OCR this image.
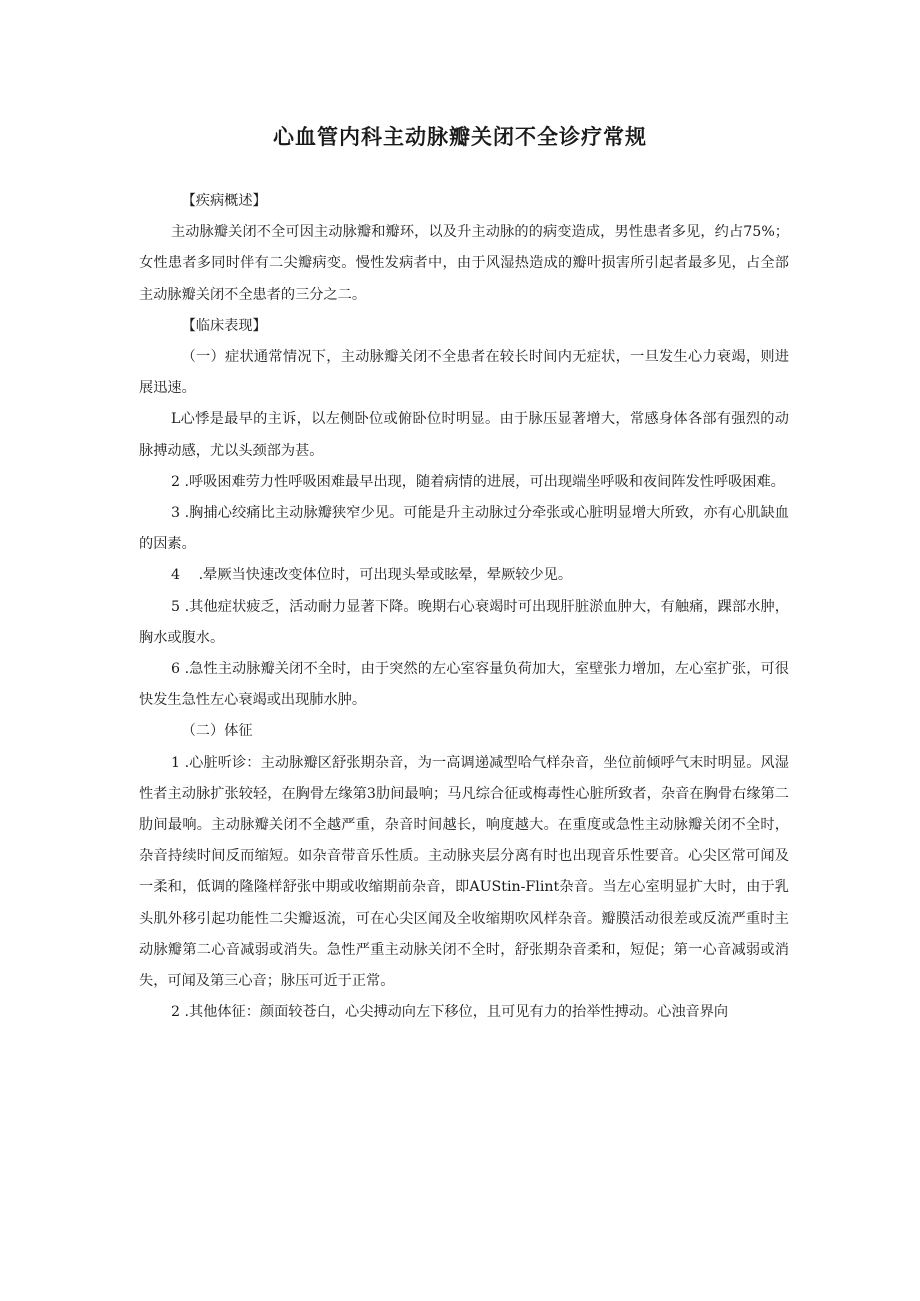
心血管内科主动脉瓣关闭不全诊疗常规

【疾病概述】

主动脉瓣关闭不全可因主动脉瓣和瓣环，以及升主动脉的的病变造成，男性患者多见，约占75%；女性患者多同时伴有二尖瓣病变。慢性发病者中，由于风湿热造成的瓣叶损害所引起者最多见，占全部主动脉瓣关闭不全患者的三分之二。

【临床表现】

（一）症状通常情况下，主动脉瓣关闭不全患者在较长时间内无症状，一旦发生心力衰竭，则进展迅速。

L心悸是最早的主诉，以左侧卧位或俯卧位时明显。由于脉压显著增大，常感身体各部有强烈的动脉搏动感，尤以头颈部为甚。

2 .呼吸困难劳力性呼吸困难最早出现，随着病情的进展，可出现端坐呼吸和夜间阵发性呼吸困难。

3 .胸捕心绞痛比主动脉瓣狭窄少见。可能是升主动脉过分牵张或心脏明显增大所致，亦有心肌缺血的因素。

4　 .晕厥当快速改变体位时，可出现头晕或眩晕，晕厥较少见。

5 .其他症状疲乏，活动耐力显著下降。晚期右心衰竭时可出现肝脏淤血肿大，有触痛，踝部水肿，胸水或腹水。

6 .急性主动脉瓣关闭不全时，由于突然的左心室容量负荷加大，室壁张力增加，左心室扩张，可很快发生急性左心衰竭或出现肺水肿。

（二）体征

1 .心脏听诊：主动脉瓣区舒张期杂音，为一高调递减型哈气样杂音，坐位前倾呼气末时明显。风湿性者主动脉扩张较轻，在胸骨左缘第3肋间最响；马凡综合征或梅毒性心脏所致者，杂音在胸骨右缘第二肋间最响。主动脉瓣关闭不全越严重，杂音时间越长，响度越大。在重度或急性主动脉瓣关闭不全时，杂音持续时间反而缩短。如杂音带音乐性质。主动脉夹层分离有时也出现音乐性要音。心尖区常可闻及一柔和，低调的隆隆样舒张中期或收缩期前杂音，即AUStin-Flint杂音。当左心室明显扩大时，由于乳头肌外移引起功能性二尖瓣返流，可在心尖区闻及全收缩期吹风样杂音。瓣膜活动很差或反流严重时主动脉瓣第二心音减弱或消失。急性严重主动脉关闭不全时，舒张期杂音柔和，短促；第一心音减弱或消失，可闻及第三心音；脉压可近于正常。

2 .其他体征：颜面较苍白，心尖搏动向左下移位，且可见有力的抬举性搏动。心浊音界向
